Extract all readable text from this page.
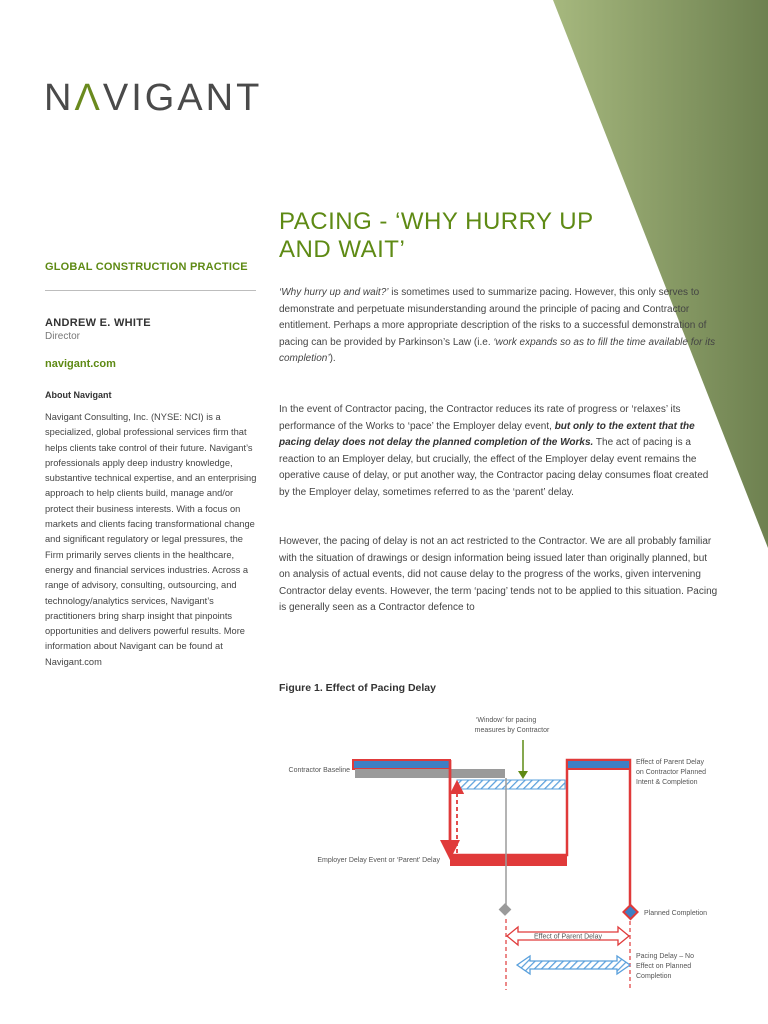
NΛVIGANT
GLOBAL CONSTRUCTION PRACTICE
ANDREW E. WHITE
Director
navigant.com
About Navigant
Navigant Consulting, Inc. (NYSE: NCI) is a specialized, global professional services firm that helps clients take control of their future. Navigant’s professionals apply deep industry knowledge, substantive technical expertise, and an enterprising approach to help clients build, manage and/or protect their business interests. With a focus on markets and clients facing transformational change and significant regulatory or legal pressures, the Firm primarily serves clients in the healthcare, energy and financial services industries. Across a range of advisory, consulting, outsourcing, and technology/analytics services, Navigant’s practitioners bring sharp insight that pinpoints opportunities and delivers powerful results. More information about Navigant can be found at Navigant.com
PACING - ‘WHY HURRY UP AND WAIT’

‘Why hurry up and wait?’ is sometimes used to summarize pacing. However, this only serves to demonstrate and perpetuate misunderstanding around the principle of pacing and Contractor entitlement. Perhaps a more appropriate description of the risks to a successful demonstration of pacing can be provided by Parkinson’s Law (i.e. ‘work expands so as to fill the time available for its completion’).

In the event of Contractor pacing, the Contractor reduces its rate of progress or ‘relaxes’ its performance of the Works to ‘pace’ the Employer delay event, but only to the extent that the pacing delay does not delay the planned completion of the Works. The act of pacing is a reaction to an Employer delay, but crucially, the effect of the Employer delay event remains the operative cause of delay, or put another way, the Contractor pacing delay consumes float created by the Employer delay, sometimes referred to as the ‘parent’ delay.

However, the pacing of delay is not an act restricted to the Contractor. We are all probably familiar with the situation of drawings or design information being issued later than originally planned, but on analysis of actual events, did not cause delay to the progress of the works, given intervening Contractor delay events. However, the term ‘pacing’ tends not to be applied to this situation. Pacing is generally seen as a Contractor defence to

Figure 1. Effect of Pacing Delay
‘Window’ for pacing
measures by Contractor
Contractor Baseline
Employer Delay Event or ‘Parent’ Delay
Effect of Parent Delay
on Contractor Planned
Intent & Completion
Planned Completion
Effect of Parent Delay
Pacing Delay – No
Effect on Planned
Completion
